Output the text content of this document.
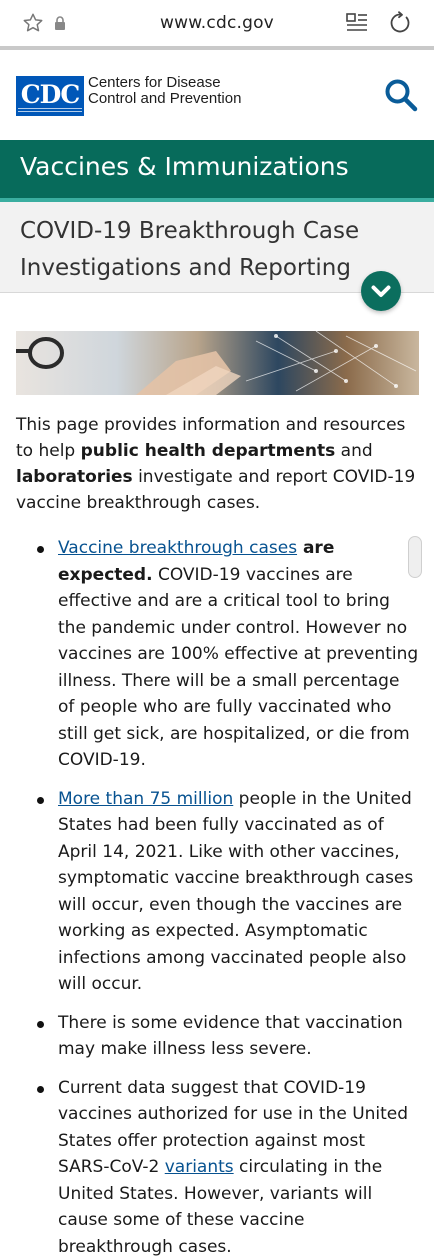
www.cdc.gov
CDC Centers for Disease
Control and Prevention
Vaccines & Immunizations
COVID-19 Breakthrough Case
Investigations and Reporting

This page provides information and resources to help public health departments and laboratories investigate and report COVID-19 vaccine breakthrough cases.

Vaccine breakthrough cases are expected. COVID-19 vaccines are effective and are a critical tool to bring the pandemic under control. However no vaccines are 100% effective at preventing illness. There will be a small percentage of people who are fully vaccinated who still get sick, are hospitalized, or die from COVID-19.
More than 75 million people in the United States had been fully vaccinated as of April 14, 2021. Like with other vaccines, symptomatic vaccine breakthrough cases will occur, even though the vaccines are working as expected. Asymptomatic infections among vaccinated people also will occur.
There is some evidence that vaccination may make illness less severe.
Current data suggest that COVID-19 vaccines authorized for use in the United States offer protection against most SARS-CoV-2 variants circulating in the United States. However, variants will cause some of these vaccine breakthrough cases.
